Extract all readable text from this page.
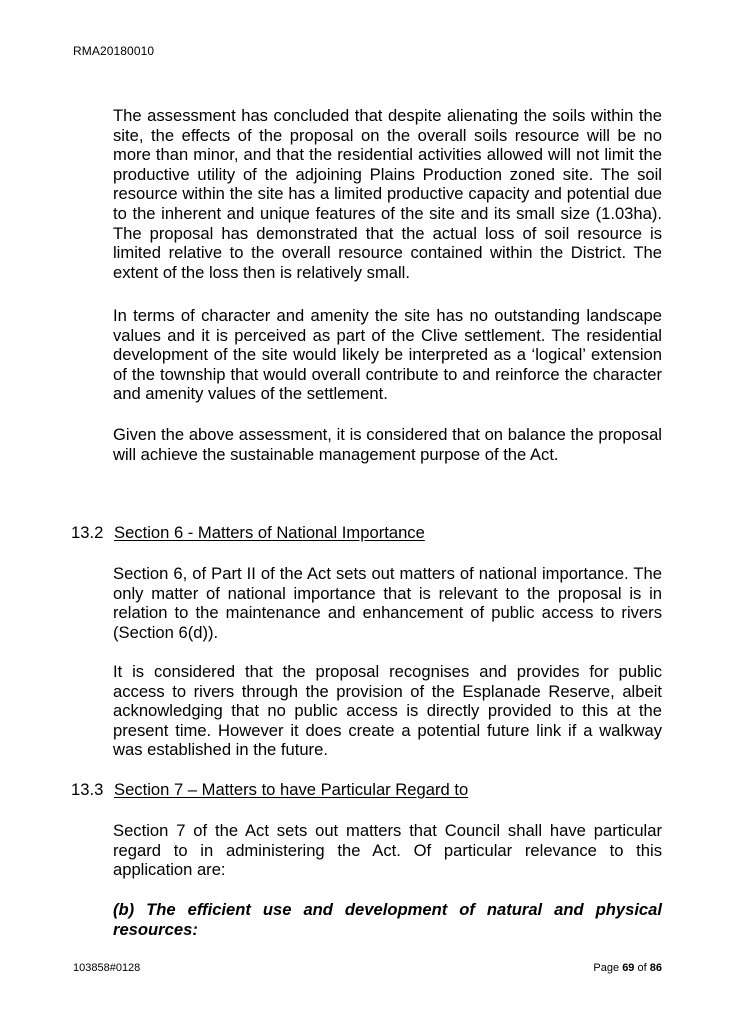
RMA20180010

The assessment has concluded that despite alienating the soils within the site, the effects of the proposal on the overall soils resource will be no more than minor, and that the residential activities allowed will not limit the productive utility of the adjoining Plains Production zoned site. The soil resource within the site has a limited productive capacity and potential due to the inherent and unique features of the site and its small size (1.03ha). The proposal has demonstrated that the actual loss of soil resource is limited relative to the overall resource contained within the District. The extent of the loss then is relatively small.

In terms of character and amenity the site has no outstanding landscape values and it is perceived as part of the Clive settlement. The residential development of the site would likely be interpreted as a ‘logical’ extension of the township that would overall contribute to and reinforce the character and amenity values of the settlement.

Given the above assessment, it is considered that on balance the proposal will achieve the sustainable management purpose of the Act.

13.2 Section 6 - Matters of National Importance

Section 6, of Part II of the Act sets out matters of national importance. The only matter of national importance that is relevant to the proposal is in relation to the maintenance and enhancement of public access to rivers (Section 6(d)).

It is considered that the proposal recognises and provides for public access to rivers through the provision of the Esplanade Reserve, albeit acknowledging that no public access is directly provided to this at the present time. However it does create a potential future link if a walkway was established in the future.

13.3 Section 7 – Matters to have Particular Regard to

Section 7 of the Act sets out matters that Council shall have particular regard to in administering the Act. Of particular relevance to this application are:

(b) The efficient use and development of natural and physical resources:

103858#0128	Page 69 of 86
